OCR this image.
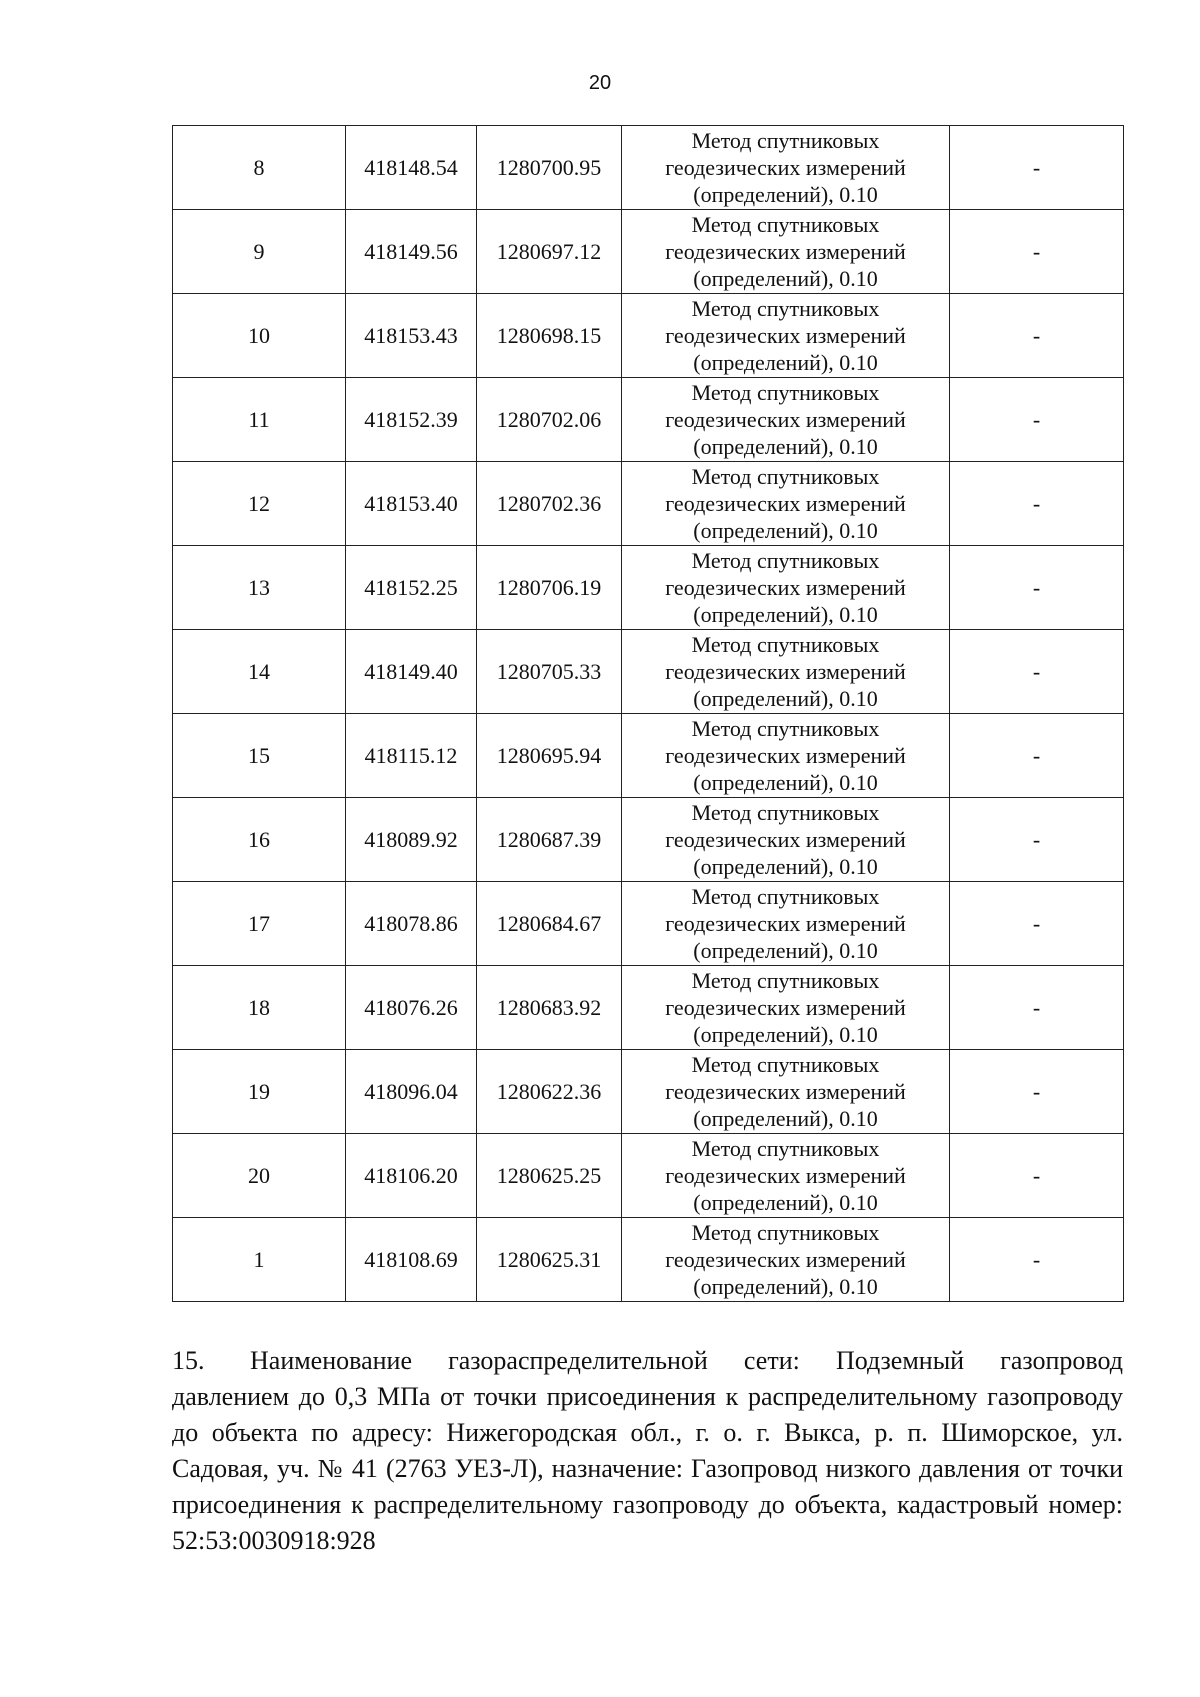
20
8	418148.54	1280700.95	Метод спутниковых
геодезических измерений
(определений), 0.10	-
9	418149.56	1280697.12	Метод спутниковых
геодезических измерений
(определений), 0.10	-
10	418153.43	1280698.15	Метод спутниковых
геодезических измерений
(определений), 0.10	-
11	418152.39	1280702.06	Метод спутниковых
геодезических измерений
(определений), 0.10	-
12	418153.40	1280702.36	Метод спутниковых
геодезических измерений
(определений), 0.10	-
13	418152.25	1280706.19	Метод спутниковых
геодезических измерений
(определений), 0.10	-
14	418149.40	1280705.33	Метод спутниковых
геодезических измерений
(определений), 0.10	-
15	418115.12	1280695.94	Метод спутниковых
геодезических измерений
(определений), 0.10	-
16	418089.92	1280687.39	Метод спутниковых
геодезических измерений
(определений), 0.10	-
17	418078.86	1280684.67	Метод спутниковых
геодезических измерений
(определений), 0.10	-
18	418076.26	1280683.92	Метод спутниковых
геодезических измерений
(определений), 0.10	-
19	418096.04	1280622.36	Метод спутниковых
геодезических измерений
(определений), 0.10	-
20	418106.20	1280625.25	Метод спутниковых
геодезических измерений
(определений), 0.10	-
1	418108.69	1280625.31	Метод спутниковых
геодезических измерений
(определений), 0.10	-

15. Наименование газораспределительной сети: Подземный газопровод давлением до 0,3 МПа от точки присоединения к распределительному газопроводу до объекта по адресу: Нижегородская обл., г. о. г. Выкса, р. п. Шиморское, ул. Садовая, уч. № 41 (2763 УЕЗ-Л), назначение: Газопровод низкого давления от точки присоединения к распределительному газопроводу до объекта, кадастровый номер: 52:53:0030918:928
